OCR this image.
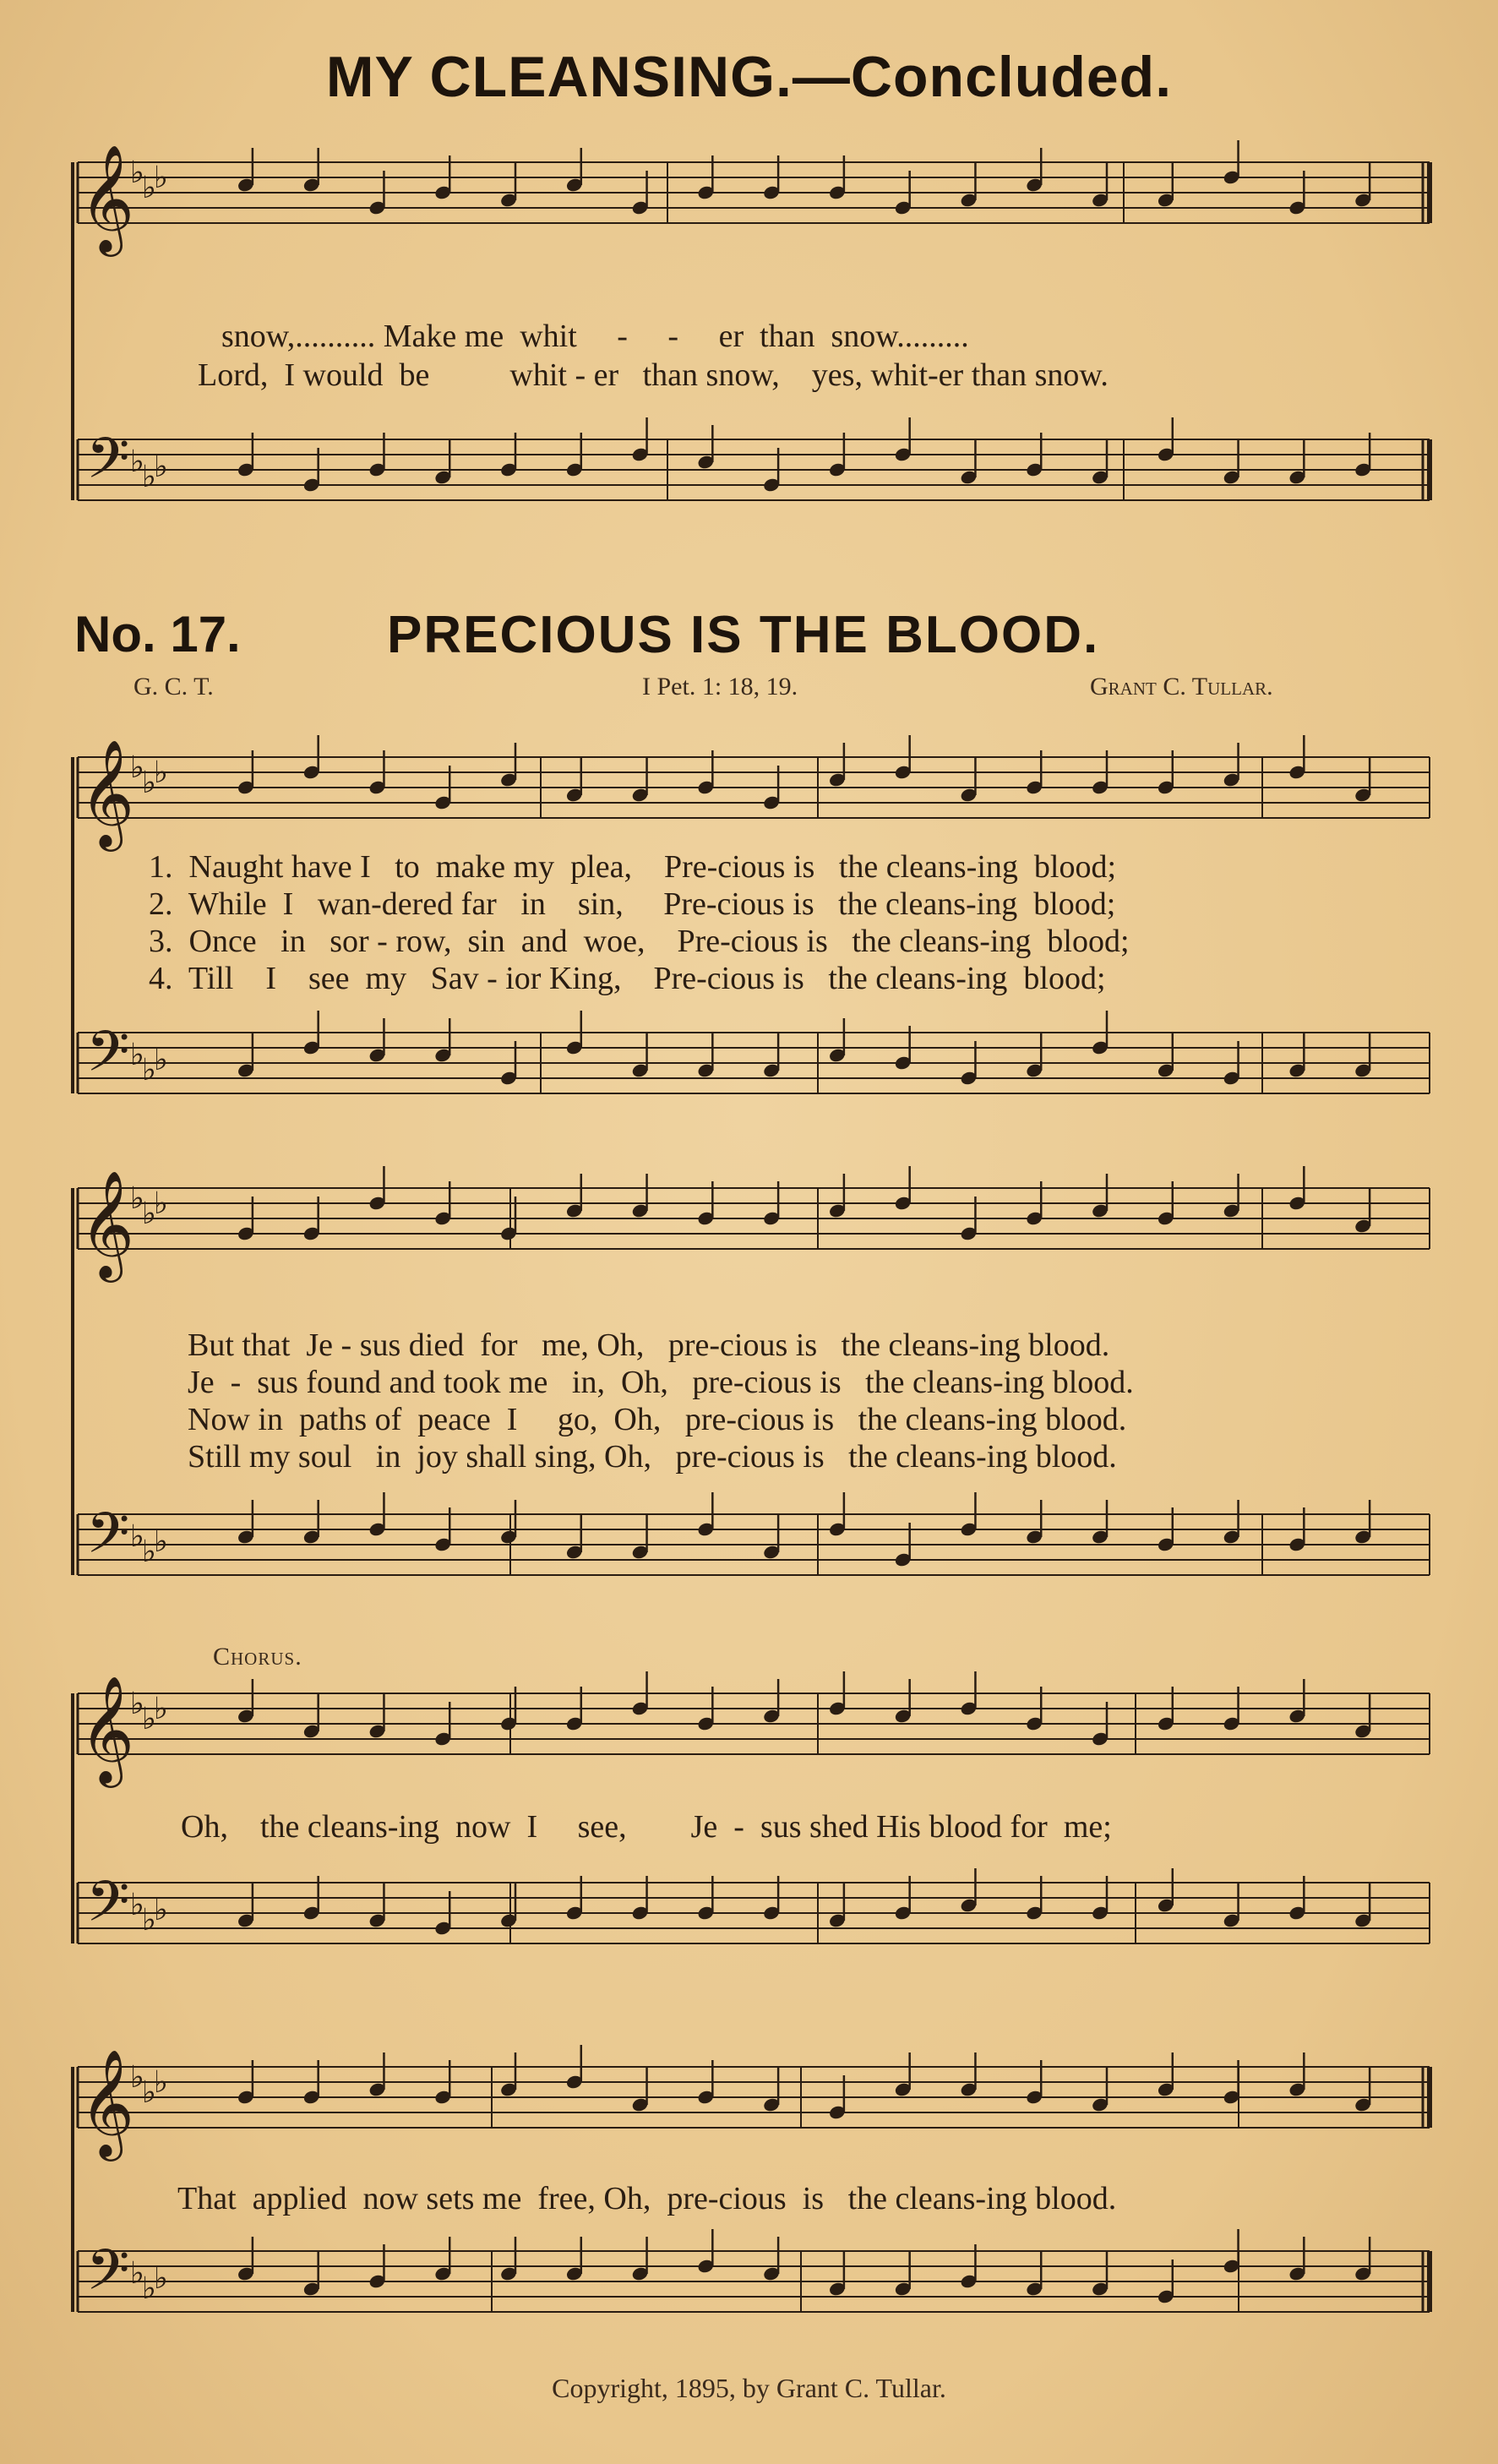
MY CLEANSING.—Concluded.
𝄞
𝄢
♭
♭
♭
♭
♭
♭
𝄞
𝄢
♭
♭
♭
♭
♭
♭
𝄞
𝄢
♭
♭
♭
♭
♭
♭
𝄞
𝄢
♭
♭
♭
♭
♭
♭
𝄞
𝄢
♭
♭
♭
♭
♭
♭
snow,.......... Make me  whit     -     -     er  than  snow.........
Lord,  I would  be          whit - er   than snow,    yes, whit-er than snow.
No. 17.	PRECIOUS IS THE BLOOD.
G. C. T.	I Pet. 1: 18, 19.	Grant C. Tullar.
1.  Naught have I   to  make my  plea,    Pre-cious is   the cleans-ing  blood;
2.  While  I   wan-dered far   in    sin,     Pre-cious is   the cleans-ing  blood;
3.  Once   in   sor - row,  sin  and  woe,    Pre-cious is   the cleans-ing  blood;
4.  Till    I    see  my   Sav - ior King,    Pre-cious is   the cleans-ing  blood;
But that  Je - sus died  for   me, Oh,   pre-cious is   the cleans-ing blood.
Je  -  sus found and took me   in,  Oh,   pre-cious is   the cleans-ing blood.
Now in  paths of  peace  I     go,  Oh,   pre-cious is   the cleans-ing blood.
Still my soul   in  joy shall sing, Oh,   pre-cious is   the cleans-ing blood.
Chorus.
Oh,    the cleans-ing  now  I     see,        Je  -  sus shed His blood for  me;
That  applied  now sets me  free, Oh,  pre-cious  is   the cleans-ing blood.
Copyright, 1895, by Grant C. Tullar.
